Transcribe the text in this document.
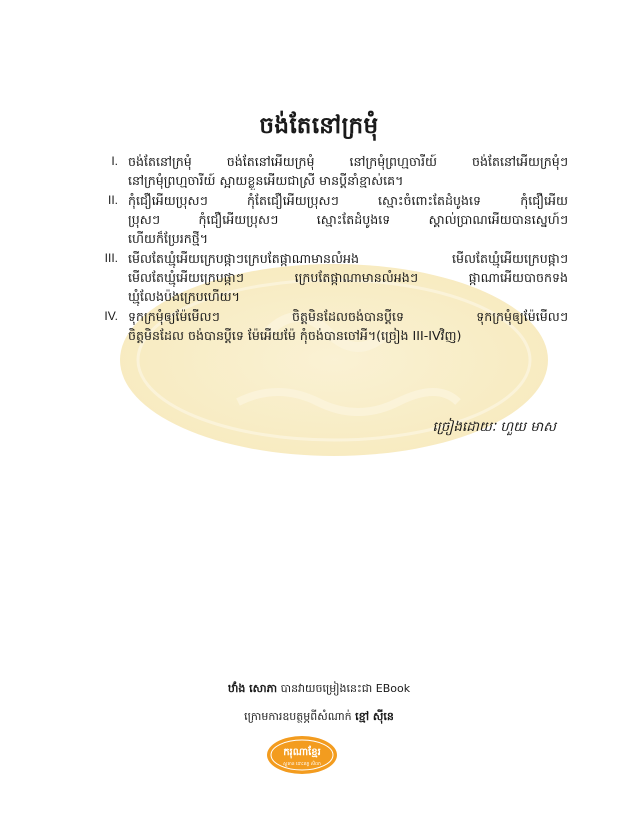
ចង់តែនៅក្រមុំ
I. ចង់តែនៅក្រមុំ ចង់តែនៅអើយក្រមុំ នៅក្រមុំព្រហ្មចារីយ៍ ចង់តែនៅអើយក្រមុំៗ
នៅក្រមុំព្រហ្មចារីយ៍ ស្អាយខ្លួនអើយជាស្រី មានប្តីនាំខ្មាស់គេ។
II. កុំជឿអើយប្រុសៗ កុំតែជឿអើយប្រុសៗ ស្មោះចំពោះតែដំបូងទេ កុំជឿអើយ
ប្រុសៗ កុំជឿអើយប្រុសៗ ស្មោះតែដំបូងទេ ស្គាល់ប្រាណអើយបានស្នេហ៍ៗ
ហើយក៏ប្រែរកថ្មី។
III. មើលតែឃ្មុំអើយក្រេបផ្កាៗក្រេបតែផ្កាណាមានលំអង មើលតែឃ្មុំអើយក្រេបផ្កាៗ
មើលតែឃ្មុំអើយក្រេបផ្កាៗ ក្រេបតែផ្កាណាមានលំអងៗ ផ្កាណាអើយបាចកទង
ឃ្មុំលែងប៉ងក្រេបហើយ។
IV. ទុកក្រមុំឲ្យម៉ែមើលៗ ចិត្តមិនដែលចង់បានប្តីទេ ទុកក្រមុំឲ្យម៉ែមើលៗ
ចិត្តមិនដែល ចង់បានប្តីទេ ម៉ែអើយម៉ែ កុំចង់បានចៅអី។(ច្រៀង III-IVវិញ)
ច្រៀងដោយៈ ហួយ មាស
ឋាំង សោភា បានវាយចម្រៀងនេះជា EBook
ក្រោមការឧបត្ថម្ភពីសំណាក់ ខ្មៅ ស៊ីនេ
ករុណាខ្មែរ
ស្ងួតាន ដោះគក្ខ សិលា
